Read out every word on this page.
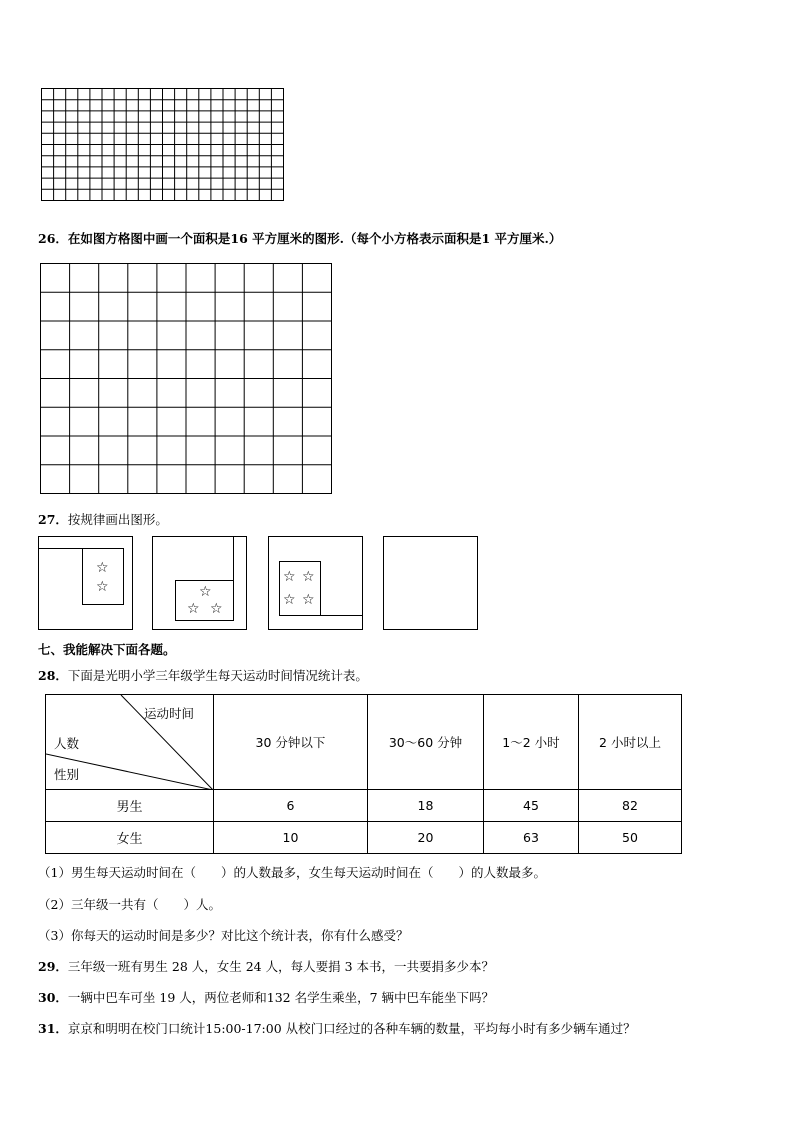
26．在如图方格图中画一个面积是16 平方厘米的图形.（每个小方格表示面积是1 平方厘米.）
27．按规律画出图形。
☆
☆	☆
☆ ☆
☆ ☆
☆ ☆
七、我能解决下面各题。
28．下面是光明小学三年级学生每天运动时间情况统计表。
运动时间
人数
性别	30 分钟以下	30～60 分钟	1～2 小时	2 小时以上
男生	6	18	45	82
女生	10	20	63	50
（1）男生每天运动时间在（　　）的人数最多，女生每天运动时间在（　　）的人数最多。
（2）三年级一共有（　　）人。
（3）你每天的运动时间是多少？对比这个统计表，你有什么感受？
29．三年级一班有男生 28 人，女生 24 人，每人要捐 3 本书，一共要捐多少本？
30．一辆中巴车可坐 19 人，两位老师和132 名学生乘坐，7 辆中巴车能坐下吗？
31．京京和明明在校门口统计15:00-17:00 从校门口经过的各种车辆的数量，平均每小时有多少辆车通过？
